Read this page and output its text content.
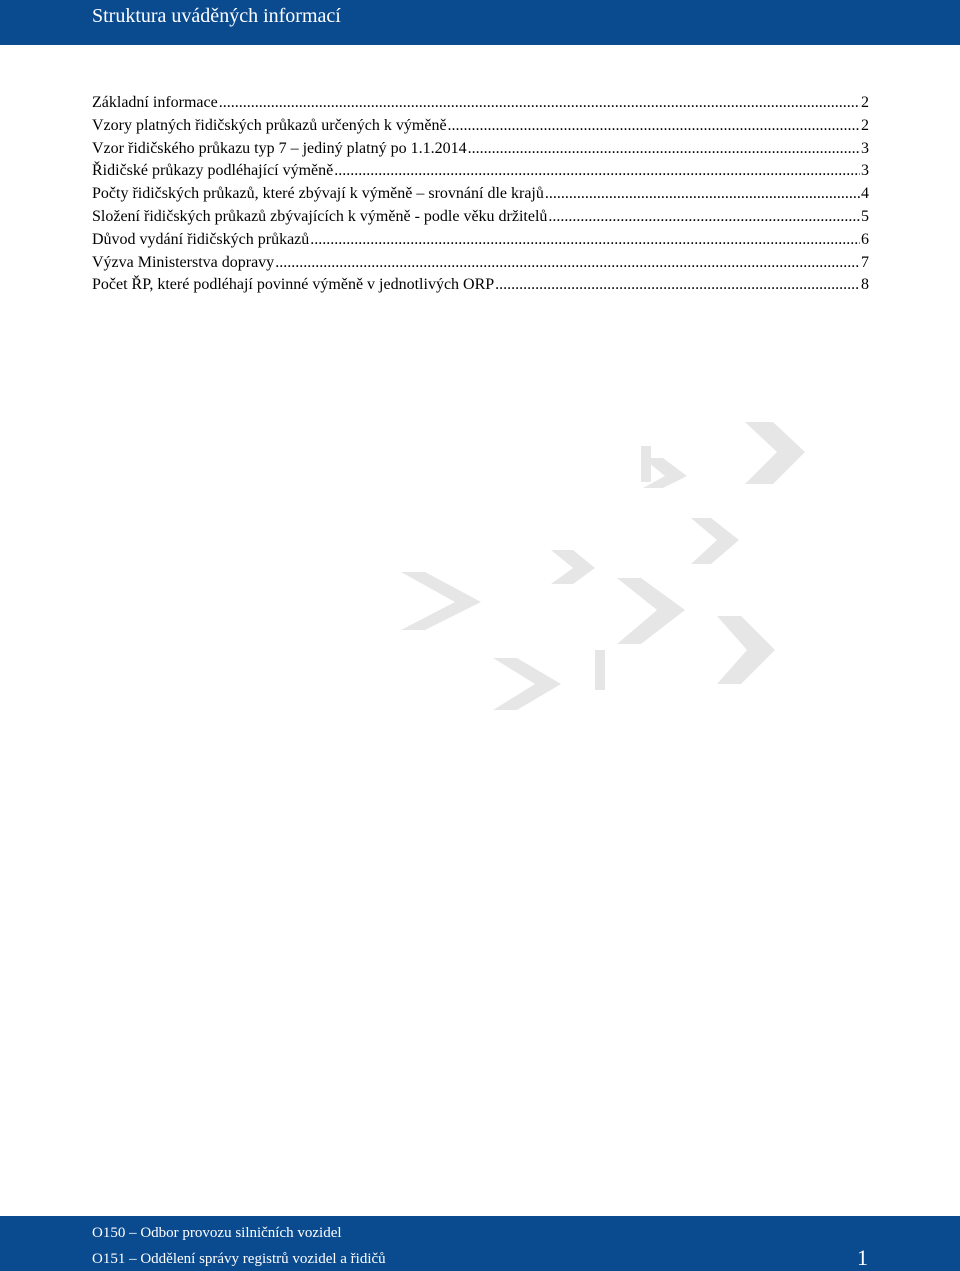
Struktura uváděných informací
Základní informace .....	2
Vzory platných řidičských průkazů určených k výměně .....	2
Vzor řidičského průkazu typ 7 – jediný platný po 1.1.2014 .....	3
Řidičské průkazy podléhající výměně .....	3
Počty řidičských průkazů, které zbývají k výměně – srovnání dle krajů .....	4
Složení řidičských průkazů zbývajících k výměně - podle věku držitelů .....	5
Důvod vydání řidičských průkazů .....	6
Výzva Ministerstva dopravy .....	7
Počet ŘP, které podléhají povinné výměně v jednotlivých ORP .....	8
O150 – Odbor provozu silničních vozidel
O151 – Oddělení správy registrů vozidel a řidičů	1
